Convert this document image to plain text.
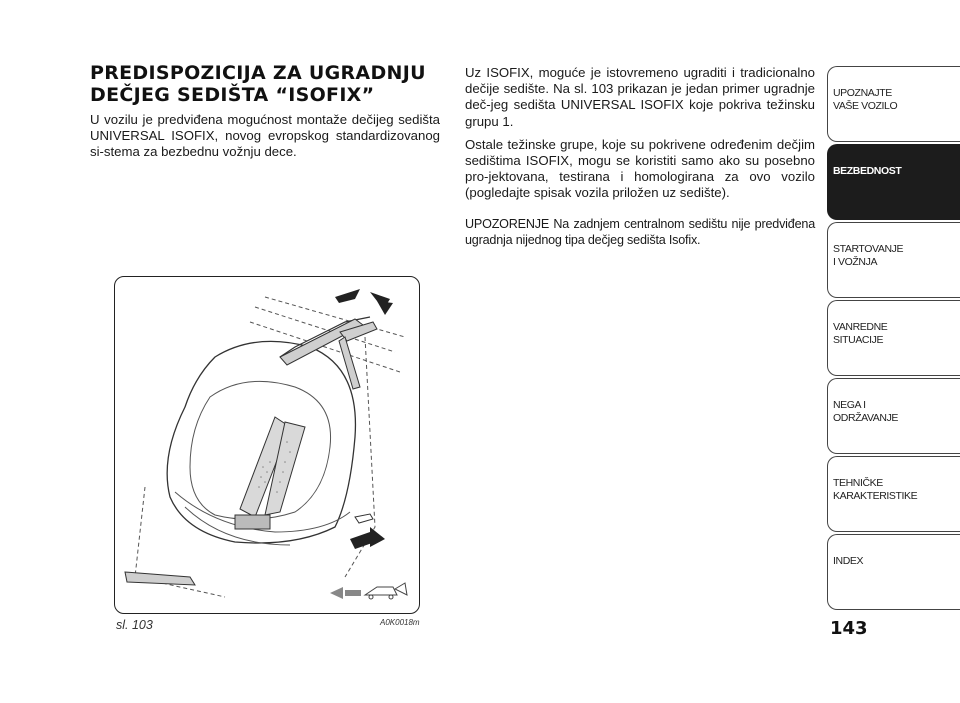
PREDISPOZICIJA ZA UGRADNJU
DEČJEG SEDIŠTA “ISOFIX”

U vozilu je predviđena mogućnost montaže dečijeg sedišta UNIVERSAL ISOFIX, novog evropskog standardizovanog si-stema za bezbednu vožnju dece.

Uz ISOFIX, moguće je istovremeno ugraditi i tradicionalno dečije sedište. Na sl. 103 prikazan je jedan primer ugradnje deč-jeg sedišta UNIVERSAL ISOFIX koje pokriva težinsku grupu 1.

Ostale težinske grupe, koje su pokrivene određenim dečjim sedištima ISOFIX, mogu se koristiti samo ako su posebno pro-jektovana, testirana i homologirana za ovo vozilo (pogledajte spisak vozila priložen uz sedište).

UPOZORENJE Na zadnjem centralnom sedištu nije predviđena ugradnja nijednog tipa dečjeg sedišta Isofix.

sl. 103	A0K0018m	143
UPOZNAJTE
VAŠE VOZILO
BEZBEDNOST
STARTOVANJE
I VOŽNJA
VANREDNE
SITUACIJE
NEGA I
ODRŽAVANJE
TEHNIČKE
KARAKTERISTIKE
INDEX
